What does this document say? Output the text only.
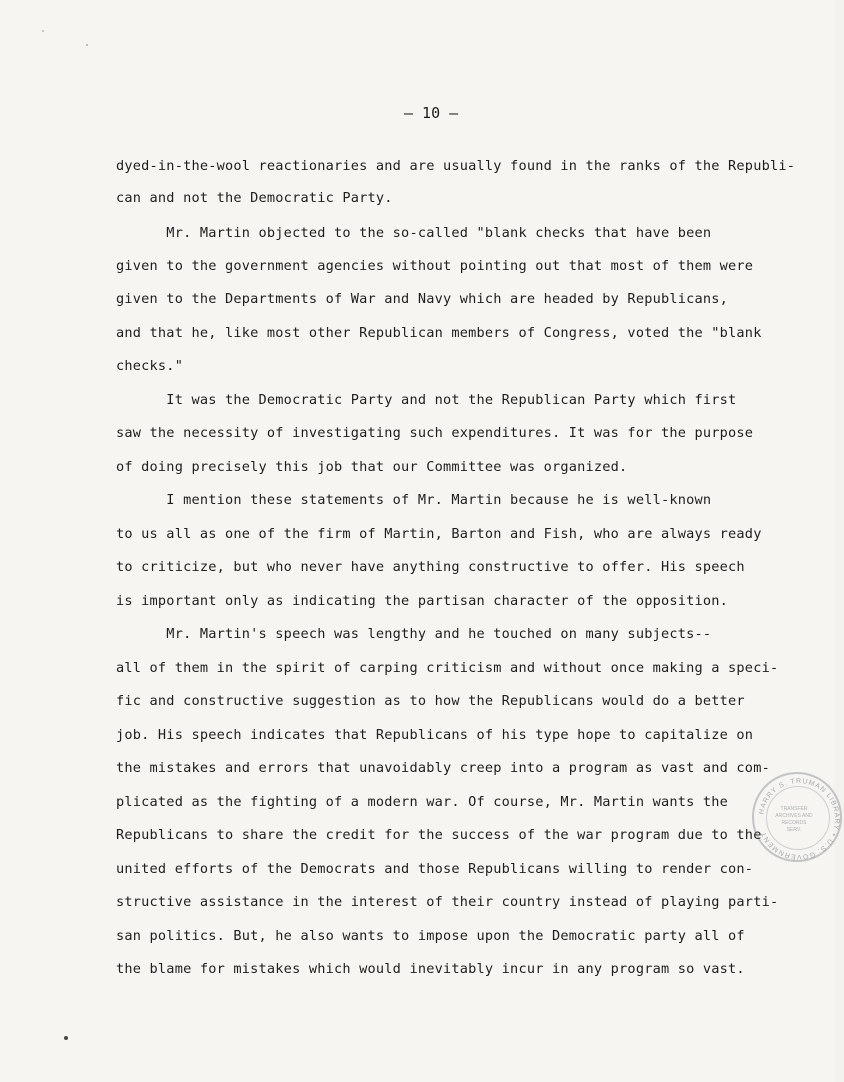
— 10 —

dyed-in-the-wool reactionaries and are usually found in the ranks of the Republi-

can and not the Democratic Party.

Mr. Martin objected to the so-called "blank checks that have been

given to the government agencies without pointing out that most of them were

given to the Departments of War and Navy which are headed by Republicans,

and that he, like most other Republican members of Congress, voted the "blank

checks."

It was the Democratic Party and not the Republican Party which first

saw the necessity of investigating such expenditures. It was for the purpose

of doing precisely this job that our Committee was organized.

I mention these statements of Mr. Martin because he is well-known

to us all as one of the firm of Martin, Barton and Fish, who are always ready

to criticize, but who never have anything constructive to offer. His speech

is important only as indicating the partisan character of the opposition.

Mr. Martin's speech was lengthy and he touched on many subjects--

all of them in the spirit of carping criticism and without once making a speci-

fic and constructive suggestion as to how the Republicans would do a better

job. His speech indicates that Republicans of his type hope to capitalize on

the mistakes and errors that unavoidably creep into a program as vast and com-

plicated as the fighting of a modern war. Of course, Mr. Martin wants the

Republicans to share the credit for the success of the war program due to the

united efforts of the Democrats and those Republicans willing to render con-

structive assistance in the interest of their country instead of playing parti-

san politics. But, he also wants to impose upon the Democratic party all of

the blame for mistakes which would inevitably incur in any program so vast.

HARRY S. TRUMAN LIBRARY • U.S. GOVERNMENT
TRANSFER
ARCHIVES AND
RECORDS
SERV.
